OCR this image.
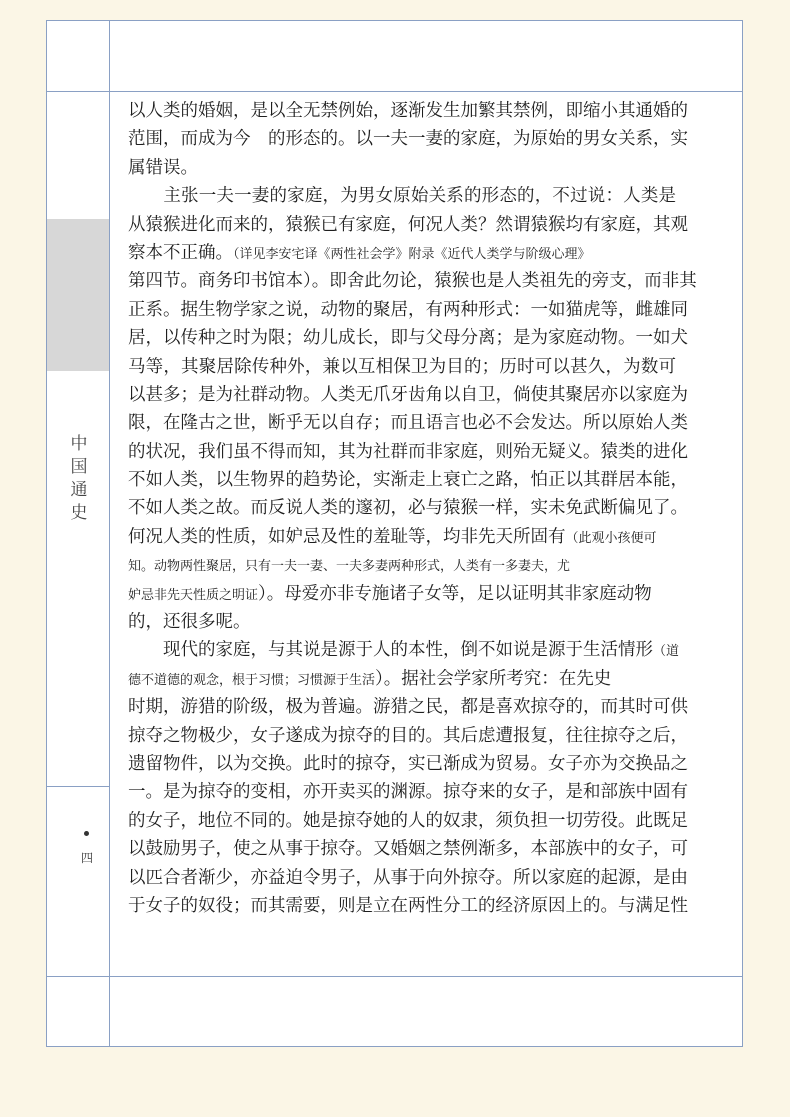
中
国
通
史
四
以人类的婚姻，是以全无禁例始，逐渐发生加繁其禁例，即缩小其通婚的
范围，而成为今　的形态的。以一夫一妻的家庭，为原始的男女关系，实
属错误。
　　主张一夫一妻的家庭，为男女原始关系的形态的，不过说：人类是
从猿猴进化而来的，猿猴已有家庭，何况人类？然谓猿猴均有家庭，其观
察本不正确。（详见李安宅译《两性社会学》附录《近代人类学与阶级心理》
第四节。商务印书馆本）。即舍此勿论，猿猴也是人类祖先的旁支，而非其
正系。据生物学家之说，动物的聚居，有两种形式：一如猫虎等，雌雄同
居，以传种之时为限；幼儿成长，即与父母分离；是为家庭动物。一如犬
马等，其聚居除传种外，兼以互相保卫为目的；历时可以甚久，为数可
以甚多；是为社群动物。人类无爪牙齿角以自卫，倘使其聚居亦以家庭为
限，在隆古之世，断乎无以自存；而且语言也必不会发达。所以原始人类
的状况，我们虽不得而知，其为社群而非家庭，则殆无疑义。猿类的进化
不如人类，以生物界的趋势论，实渐走上衰亡之路，怕正以其群居本能，
不如人类之故。而反说人类的邃初，必与猿猴一样，实未免武断偏见了。
何况人类的性质，如妒忌及性的羞耻等，均非先天所固有（此观小孩便可
知。动物两性聚居，只有一夫一妻、一夫多妻两种形式，人类有一多妻夫，尤
妒忌非先天性质之明证）。母爱亦非专施诸子女等，足以证明其非家庭动物
的，还很多呢。
　　现代的家庭，与其说是源于人的本性，倒不如说是源于生活情形（道
德不道德的观念，根于习惯；习惯源于生活）。据社会学家所考究：在先史
时期，游猎的阶级，极为普遍。游猎之民，都是喜欢掠夺的，而其时可供
掠夺之物极少，女子遂成为掠夺的目的。其后虑遭报复，往往掠夺之后，
遗留物件，以为交换。此时的掠夺，实已渐成为贸易。女子亦为交换品之
一。是为掠夺的变相，亦开卖买的渊源。掠夺来的女子，是和部族中固有
的女子，地位不同的。她是掠夺她的人的奴隶，须负担一切劳役。此既足
以鼓励男子，使之从事于掠夺。又婚姻之禁例渐多，本部族中的女子，可
以匹合者渐少，亦益迫令男子，从事于向外掠夺。所以家庭的起源，是由
于女子的奴役；而其需要，则是立在两性分工的经济原因上的。与满足性
